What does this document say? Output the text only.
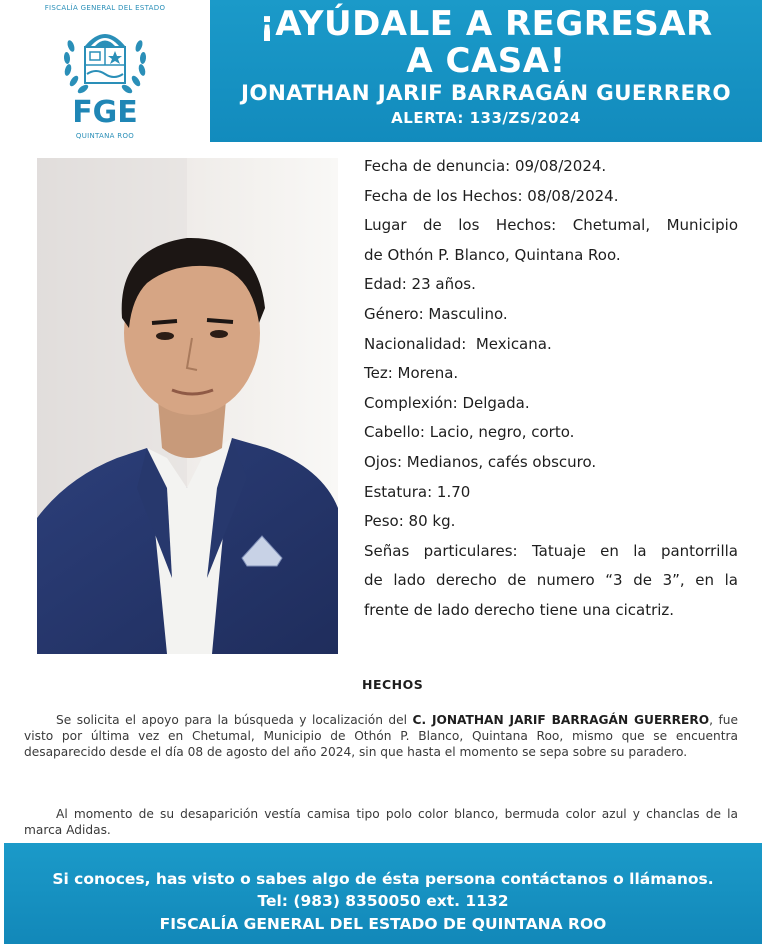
FISCALÍA GENERAL DEL ESTADO
FGE
QUINTANA ROO
¡AYÚDALE A REGRESAR
A CASA!
JONATHAN JARIF BARRAGÁN GUERRERO
ALERTA: 133/ZS/2024
Fecha de denuncia: 09/08/2024.
Fecha de los Hechos: 08/08/2024.
Lugar de los Hechos: Chetumal, Municipio
de Othón P. Blanco, Quintana Roo.
Edad: 23 años.
Género: Masculino.
Nacionalidad:  Mexicana.
Tez: Morena.
Complexión: Delgada.
Cabello: Lacio, negro, corto.
Ojos: Medianos, cafés obscuro.
Estatura: 1.70
Peso: 80 kg.
Señas particulares: Tatuaje en la pantorrilla
de lado derecho de numero “3 de 3”, en la
frente de lado derecho tiene una cicatriz.
HECHOS

Se solicita el apoyo para la búsqueda y localización del C. JONATHAN JARIF BARRAGÁN GUERRERO, fue visto por última vez en Chetumal, Municipio de Othón P. Blanco, Quintana Roo, mismo que se encuentra desaparecido desde el día 08 de agosto del año 2024, sin que hasta el momento se sepa sobre su paradero.

Al momento de su desaparición vestía camisa tipo polo color blanco, bermuda color azul y chanclas de la marca Adidas.

Si conoces, has visto o sabes algo de ésta persona contáctanos o llámanos.
Tel: (983) 8350050 ext. 1132
FISCALÍA GENERAL DEL ESTADO DE QUINTANA ROO
